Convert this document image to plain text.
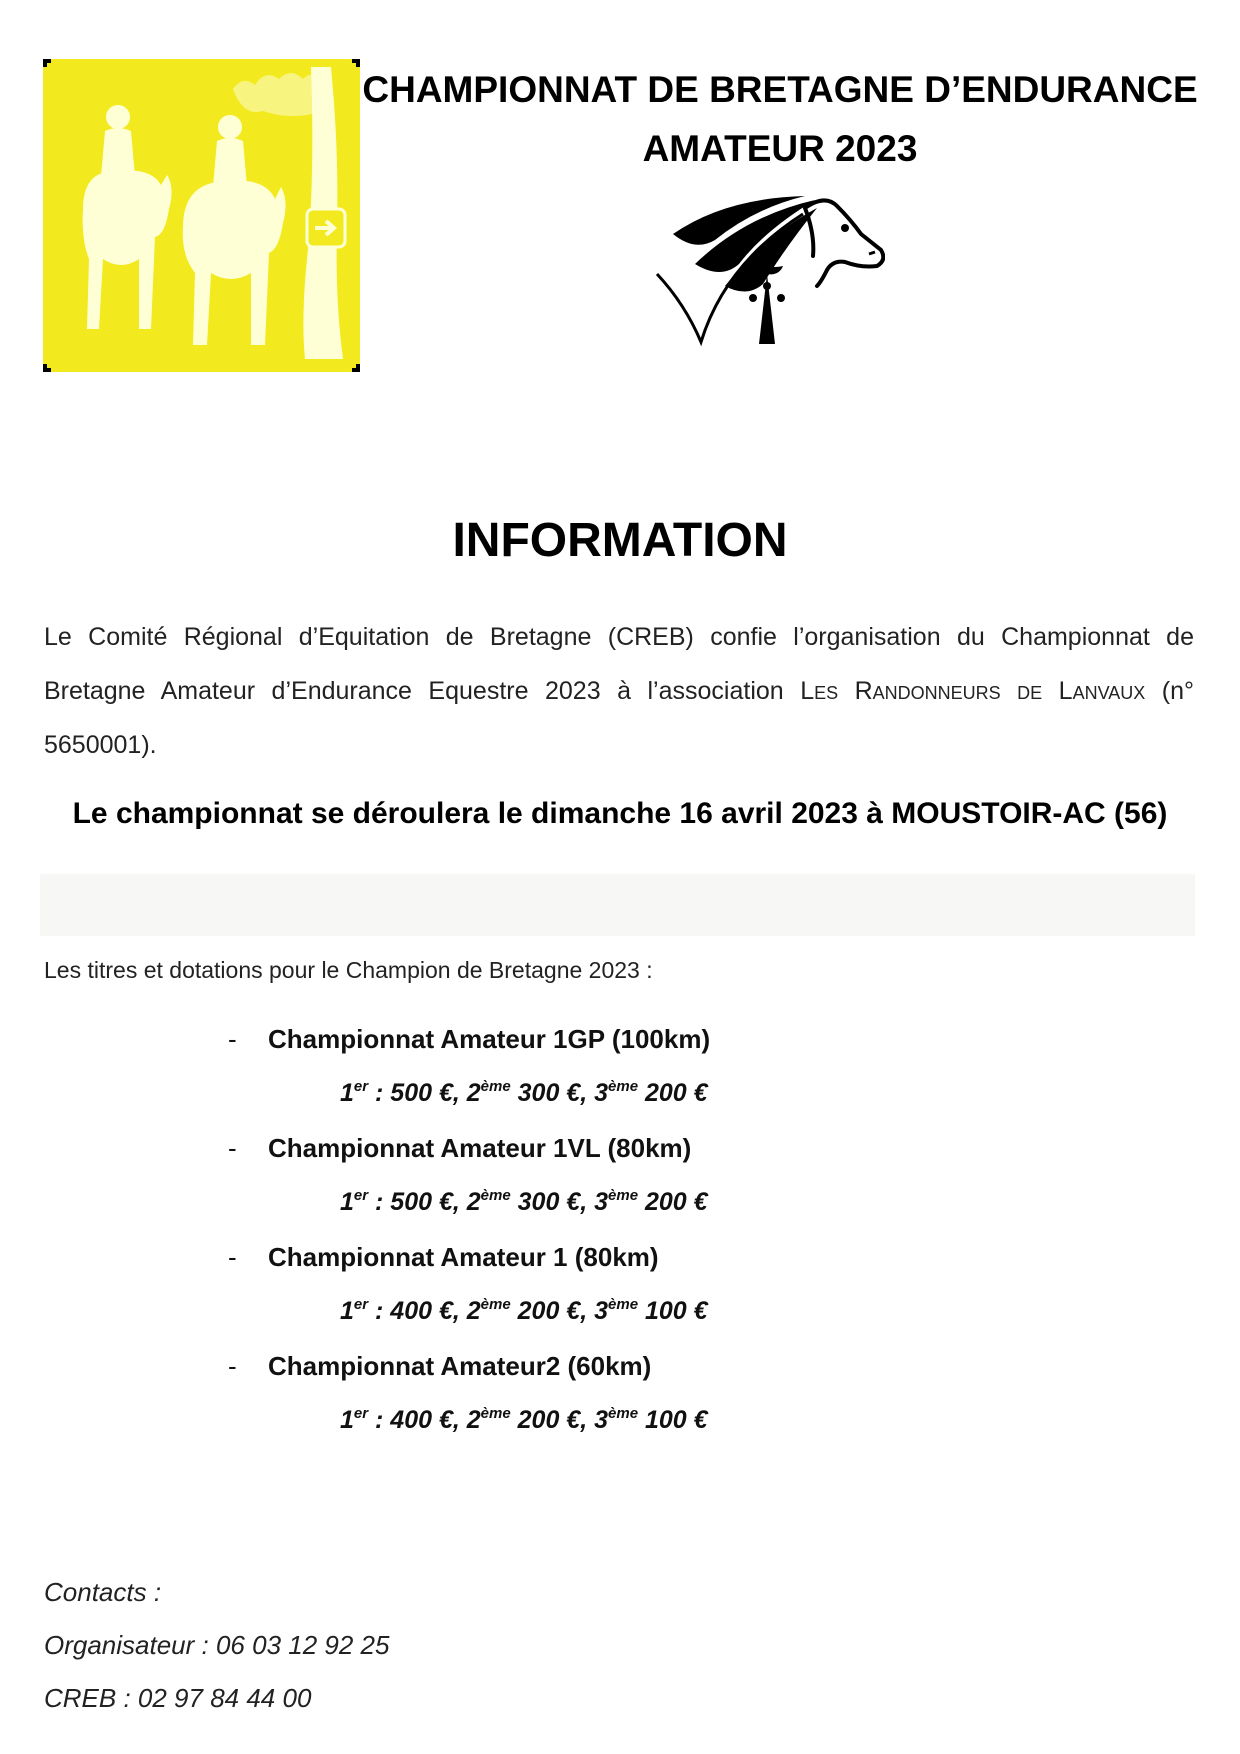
CHAMPIONNAT DE BRETAGNE D’ENDURANCE
AMATEUR 2023
INFORMATION
Le Comité Régional d’Equitation de Bretagne (CREB) confie l’organisation du Championnat de Bretagne Amateur d’Endurance Equestre 2023 à l’association Les Randonneurs de Lanvaux (n° 5650001).
Le championnat se déroulera le dimanche 16 avril 2023 à MOUSTOIR-AC (56)
Les titres et dotations pour le Champion de Bretagne 2023 :
-	Championnat Amateur 1GP (100km)
1er : 500 €, 2ème 300 €, 3ème 200 €
-	Championnat Amateur 1VL (80km)
1er : 500 €, 2ème 300 €, 3ème 200 €
-	Championnat Amateur 1 (80km)
1er : 400 €, 2ème 200 €, 3ème 100 €
-	Championnat Amateur2 (60km)
1er : 400 €, 2ème 200 €, 3ème 100 €
Contacts :
Organisateur : 06 03 12 92 25
CREB : 02 97 84 44 00
